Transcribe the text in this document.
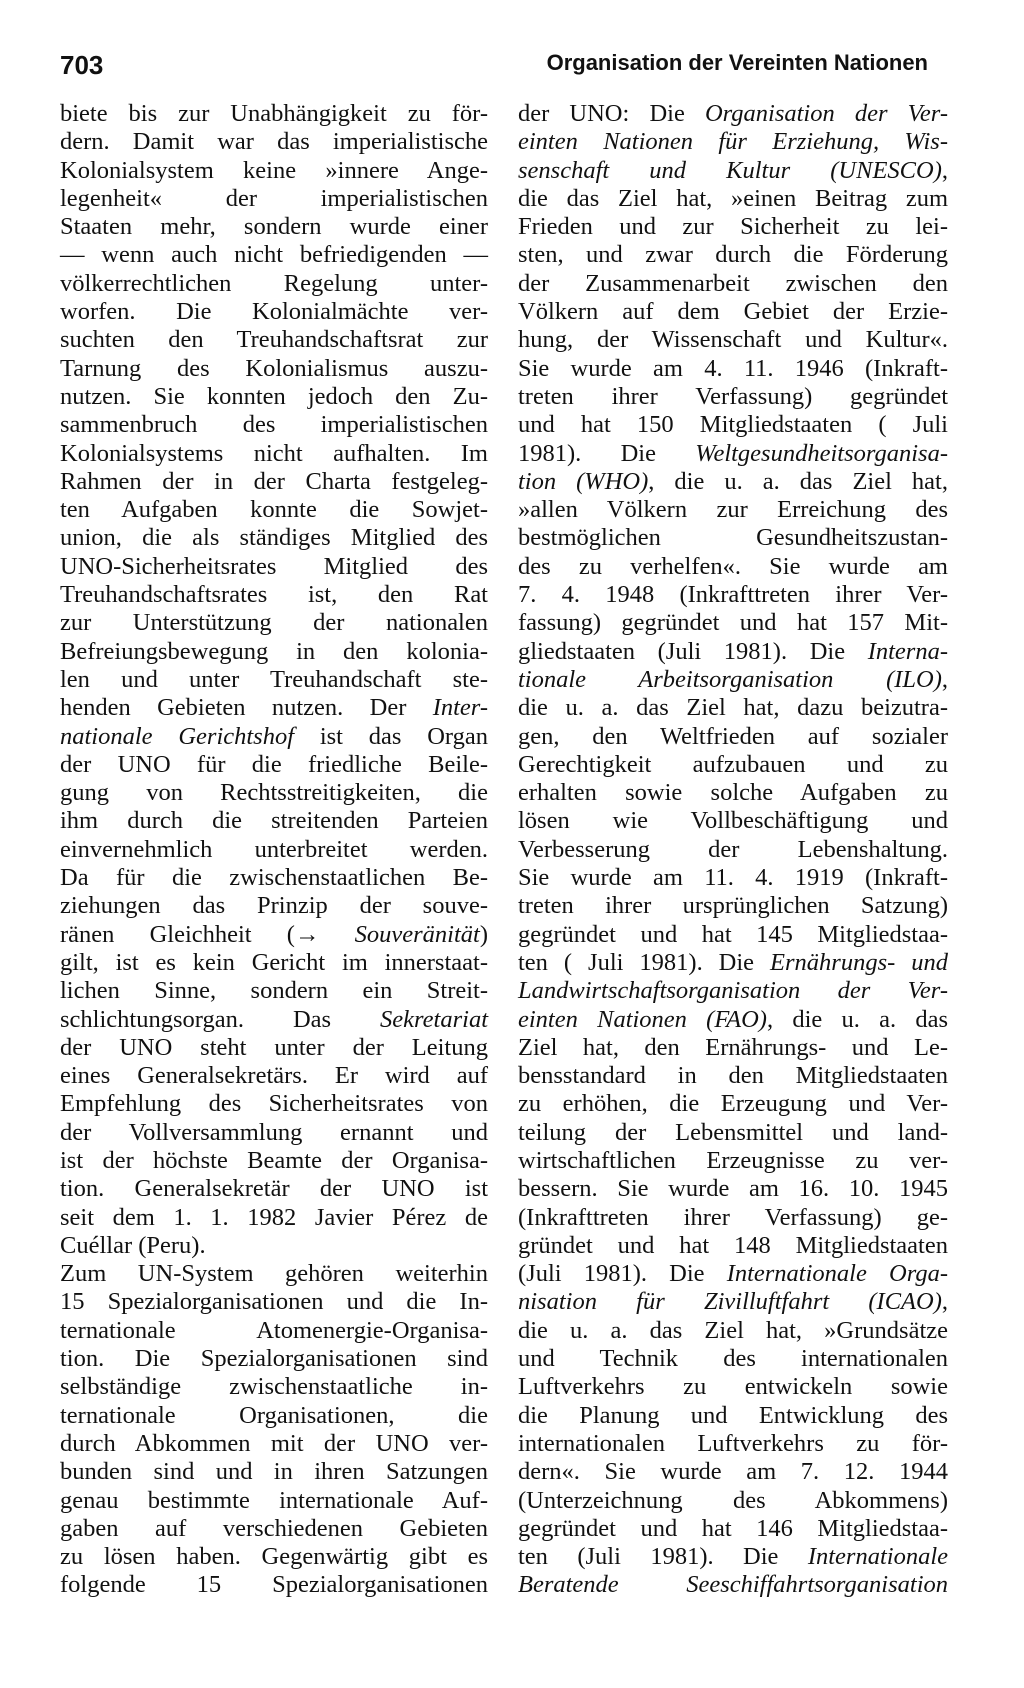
703	Organisation der Vereinten Nationen
biete bis zur Unabhängigkeit zu för-
dern. Damit war das imperialistische
Kolonialsystem keine »innere Ange-
legenheit« der imperialistischen
Staaten mehr, sondern wurde einer
— wenn auch nicht befriedigenden —
völkerrechtlichen Regelung unter-
worfen. Die Kolonialmächte ver-
suchten den Treuhandschaftsrat zur
Tarnung des Kolonialismus auszu-
nutzen. Sie konnten jedoch den Zu-
sammenbruch des imperialistischen
Kolonialsystems nicht aufhalten. Im
Rahmen der in der Charta festgeleg-
ten Aufgaben konnte die Sowjet-
union, die als ständiges Mitglied des
UNO-Sicherheitsrates Mitglied des
Treuhandschaftsrates ist, den Rat
zur Unterstützung der nationalen
Befreiungsbewegung in den kolonia-
len und unter Treuhandschaft ste-
henden Gebieten nutzen. Der Inter-
nationale Gerichtshof ist das Organ
der UNO für die friedliche Beile-
gung von Rechtsstreitigkeiten, die
ihm durch die streitenden Parteien
einvernehmlich unterbreitet werden.
Da für die zwischenstaatlichen Be-
ziehungen das Prinzip der souve-
ränen Gleichheit (→ Souveränität)
gilt, ist es kein Gericht im innerstaat-
lichen Sinne, sondern ein Streit-
schlichtungsorgan. Das Sekretariat
der UNO steht unter der Leitung
eines Generalsekretärs. Er wird auf
Empfehlung des Sicherheitsrates von
der Vollversammlung ernannt und
ist der höchste Beamte der Organisa-
tion. Generalsekretär der UNO ist
seit dem 1. 1. 1982 Javier Pérez de
Cuéllar (Peru).
Zum UN-System gehören weiterhin
15 Spezialorganisationen und die In-
ternationale Atomenergie-Organisa-
tion. Die Spezialorganisationen sind
selbständige zwischenstaatliche in-
ternationale Organisationen, die
durch Abkommen mit der UNO ver-
bunden sind und in ihren Satzungen
genau bestimmte internationale Auf-
gaben auf verschiedenen Gebieten
zu lösen haben. Gegenwärtig gibt es
folgende 15 Spezialorganisationen
der UNO: Die Organisation der Ver-
einten Nationen für Erziehung, Wis-
senschaft und Kultur (UNESCO),
die das Ziel hat, »einen Beitrag zum
Frieden und zur Sicherheit zu lei-
sten, und zwar durch die Förderung
der Zusammenarbeit zwischen den
Völkern auf dem Gebiet der Erzie-
hung, der Wissenschaft und Kultur«.
Sie wurde am 4. 11. 1946 (Inkraft-
treten ihrer Verfassung) gegründet
und hat 150 Mitgliedstaaten ( Juli
1981). Die Weltgesundheitsorganisa-
tion (WHO), die u. a. das Ziel hat,
»allen Völkern zur Erreichung des
bestmöglichen Gesundheitszustan-
des zu verhelfen«. Sie wurde am
7. 4. 1948 (Inkrafttreten ihrer Ver-
fassung) gegründet und hat 157 Mit-
gliedstaaten (Juli 1981). Die Interna-
tionale Arbeitsorganisation (ILO),
die u. a. das Ziel hat, dazu beizutra-
gen, den Weltfrieden auf sozialer
Gerechtigkeit aufzubauen und zu
erhalten sowie solche Aufgaben zu
lösen wie Vollbeschäftigung und
Verbesserung der Lebenshaltung.
Sie wurde am 11. 4. 1919 (Inkraft-
treten ihrer ursprünglichen Satzung)
gegründet und hat 145 Mitgliedstaa-
ten ( Juli 1981). Die Ernährungs- und
Landwirtschaftsorganisation der Ver-
einten Nationen (FAO), die u. a. das
Ziel hat, den Ernährungs- und Le-
bensstandard in den Mitgliedstaaten
zu erhöhen, die Erzeugung und Ver-
teilung der Lebensmittel und land-
wirtschaftlichen Erzeugnisse zu ver-
bessern. Sie wurde am 16. 10. 1945
(Inkrafttreten ihrer Verfassung) ge-
gründet und hat 148 Mitgliedstaaten
(Juli 1981). Die Internationale Orga-
nisation für Zivilluftfahrt (ICAO),
die u. a. das Ziel hat, »Grundsätze
und Technik des internationalen
Luftverkehrs zu entwickeln sowie
die Planung und Entwicklung des
internationalen Luftverkehrs zu för-
dern«. Sie wurde am 7. 12. 1944
(Unterzeichnung des Abkommens)
gegründet und hat 146 Mitgliedstaa-
ten (Juli 1981). Die Internationale
Beratende Seeschiffahrtsorganisation
